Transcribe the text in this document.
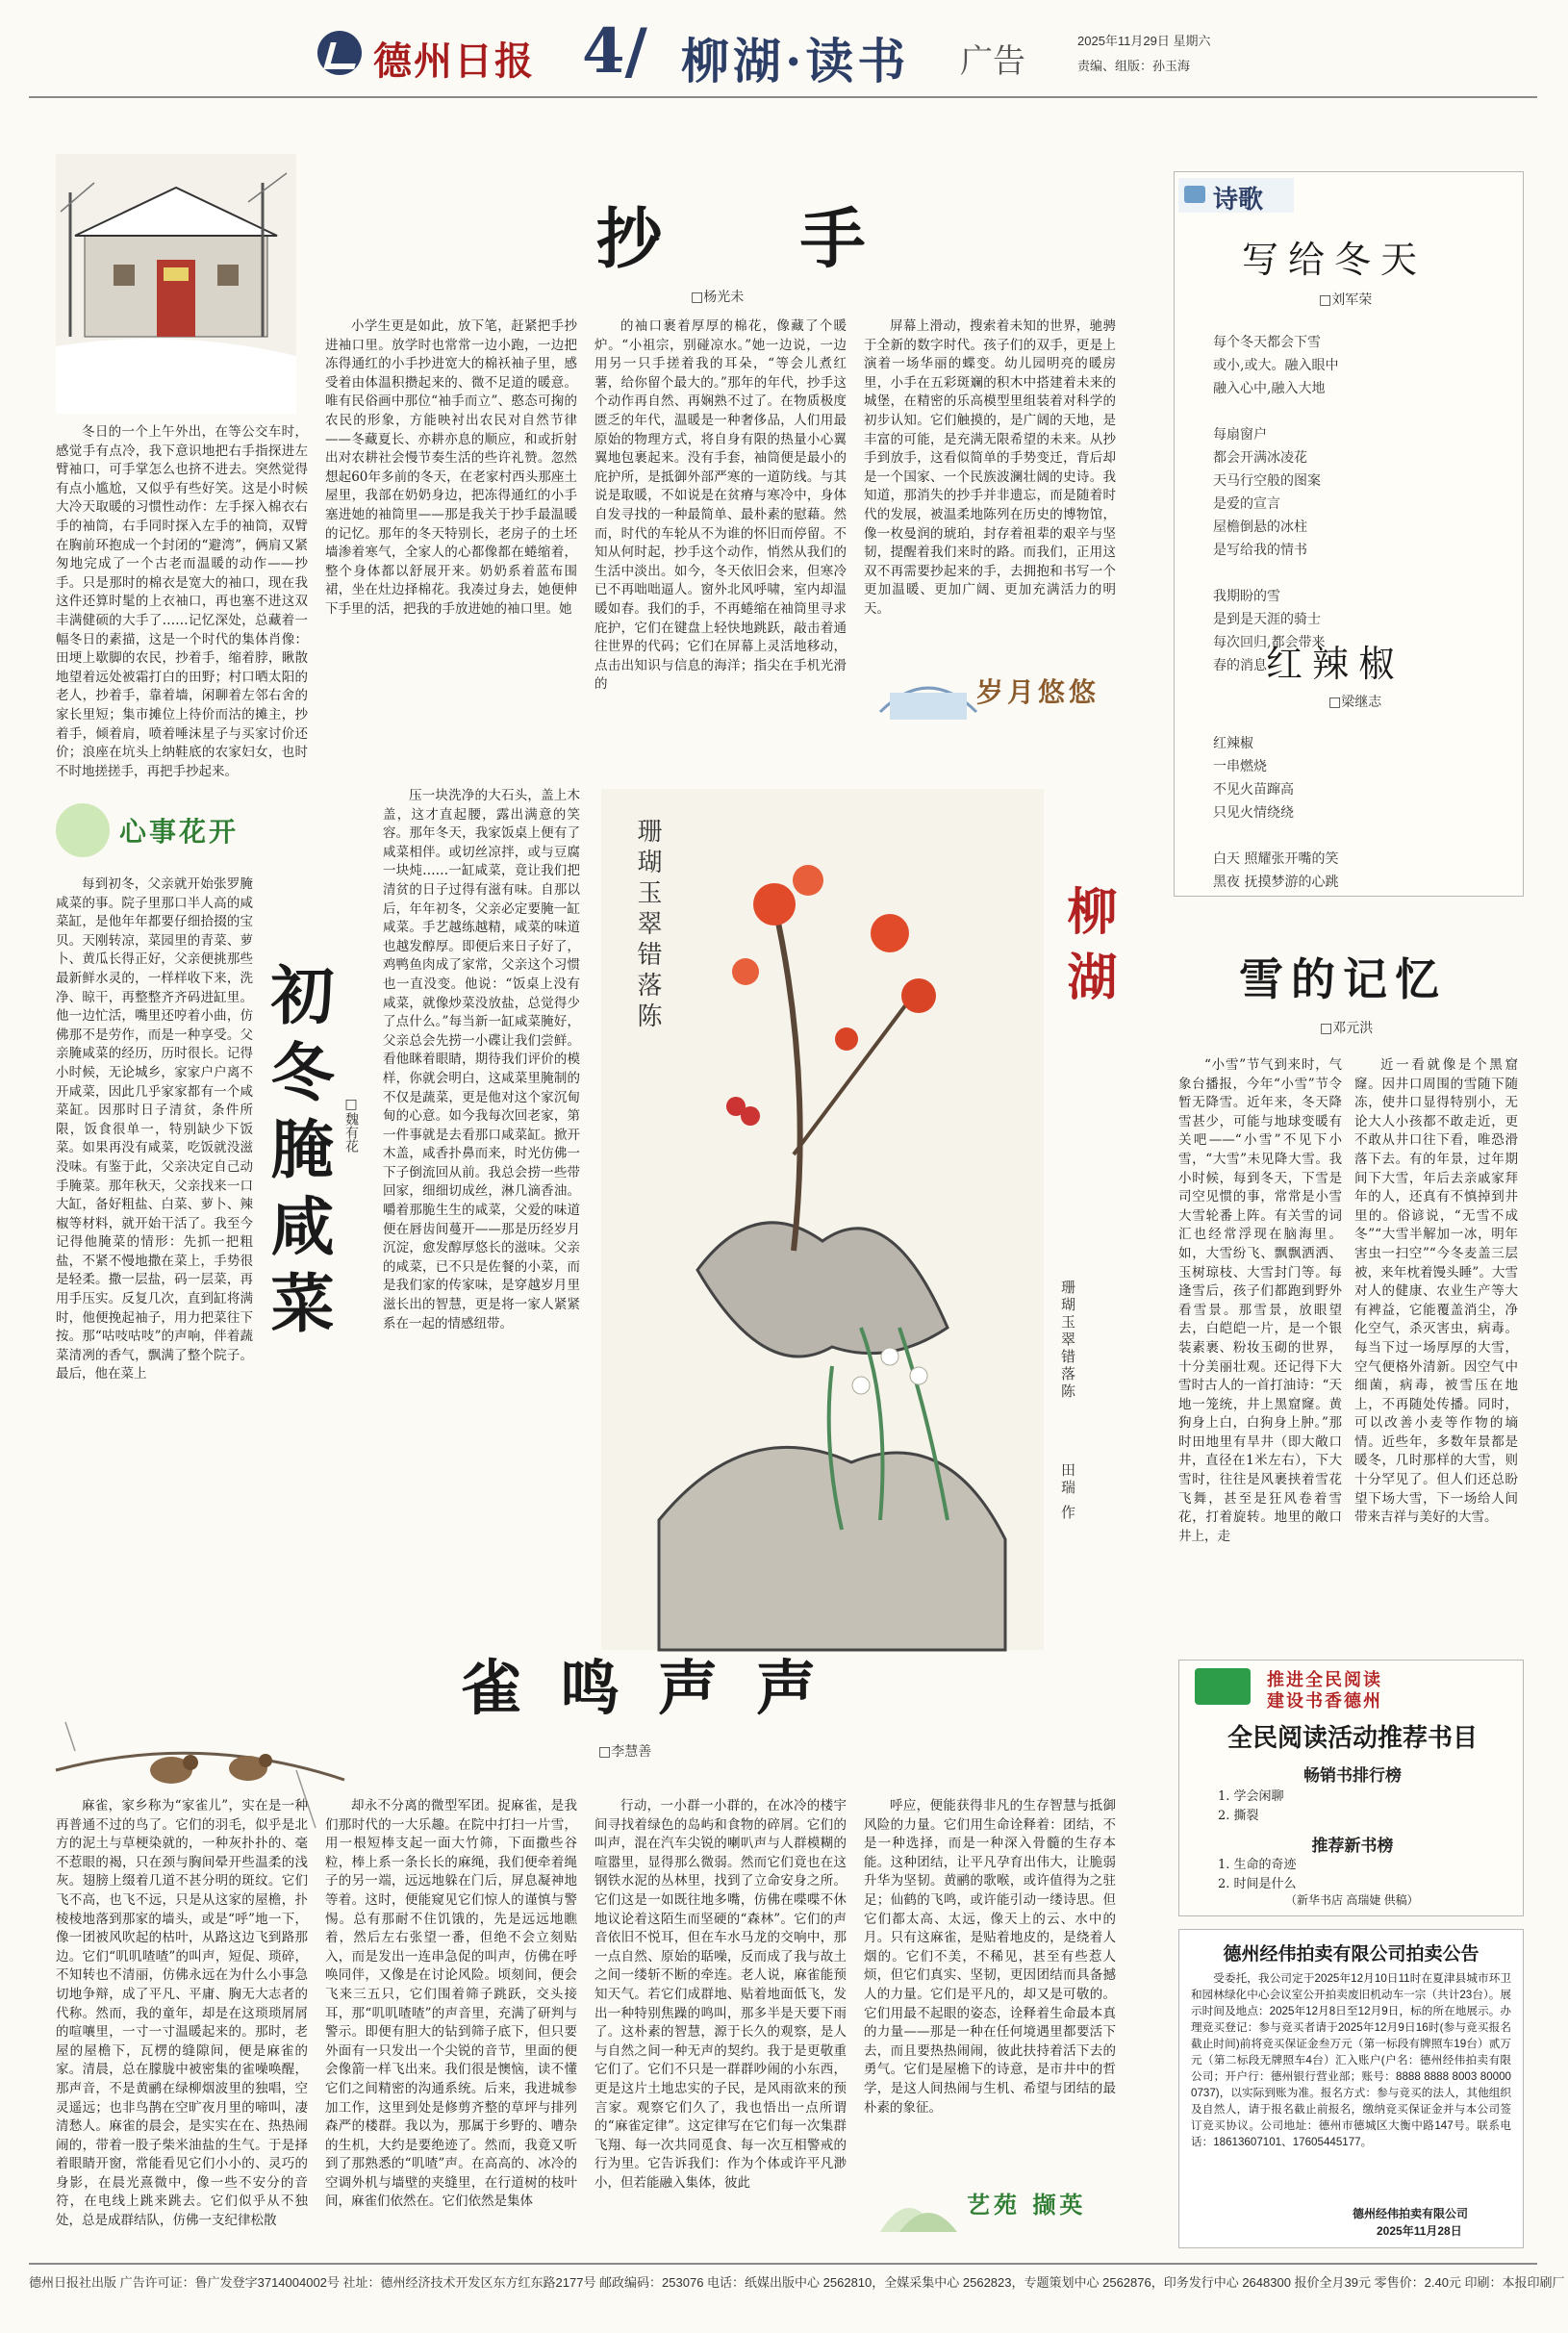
德州日报 4/ 柳湖·读书 广告
2025年11月29日 星期六
责编、组版：孙玉海
抄 手
□杨光未

冬日的一个上午外出，在等公交车时，感觉手有点冷，我下意识地把右手指探进左臂袖口，可手掌怎么也挤不进去。突然觉得有点小尴尬，又似乎有些好笑。这是小时候大冷天取暖的习惯性动作：左手探入棉衣右手的袖筒，右手同时探入左手的袖筒，双臂在胸前环抱成一个封闭的“避湾”，俩肩又紧匆地完成了一个古老而温暖的动作——抄手。只是那时的棉衣是宽大的袖口，现在我这件还算时髦的上衣袖口，再也塞不进这双丰满健硕的大手了……记忆深处，总藏着一幅冬日的素描，这是一个时代的集体肖像：田埂上歇脚的农民，抄着手，缩着脖，瞅散地望着远处被霜打白的田野；村口晒太阳的老人，抄着手，靠着墙，闲聊着左邻右舍的家长里短；集市摊位上待价而沽的摊主，抄着手，倾着肩，喷着唾沫星子与买家讨价还价；浪座在坑头上纳鞋底的农家妇女，也时不时地搓搓手，再把手抄起来。

小学生更是如此，放下笔，赶紧把手抄进袖口里。放学时也常常一边小跑，一边把冻得通红的小手抄进宽大的棉袄袖子里，感受着由体温积攒起来的、微不足道的暖意。唯有民俗画中那位“袖手而立”、憨态可掬的农民的形象，方能映衬出农民对自然节律——冬藏夏长、亦耕亦息的顺应，和或折射出对农耕社会慢节奏生活的些许礼赞。忽然想起60年多前的冬天，在老家村西头那座土屋里，我部在奶奶身边，把冻得通红的小手塞进她的袖筒里——那是我关于抄手最温暖的记忆。那年的冬天特别长，老房子的土坯墙渗着寒气，全家人的心都像都在蜷缩着，整个身体都以舒展开来。奶奶系着蓝布围裙，坐在灶边择棉花。我凑过身去，她便伸下手里的活，把我的手放进她的袖口里。她

的袖口裹着厚厚的棉花，像藏了个暖炉。“小祖宗，别碰凉水。”她一边说，一边用另一只手搓着我的耳朵，“等会儿煮红薯，给你留个最大的。”那年的年代，抄手这个动作再自然、再娴熟不过了。在物质极度匮乏的年代，温暖是一种奢侈品，人们用最原始的物理方式，将自身有限的热量小心翼翼地包裹起来。没有手套，袖筒便是最小的庇护所，是抵御外部严寒的一道防线。与其说是取暖，不如说是在贫瘠与寒冷中，身体自发寻找的一种最简单、最朴素的慰藉。然而，时代的车轮从不为谁的怀旧而停留。不知从何时起，抄手这个动作，悄然从我们的生活中淡出。如今，冬天依旧会来，但寒冷已不再咄咄逼人。窗外北风呼啸，室内却温暖如春。我们的手，不再蜷缩在袖筒里寻求庇护，它们在键盘上轻快地跳跃，敲击着通往世界的代码；它们在屏幕上灵活地移动，点击出知识与信息的海洋；指尖在手机光滑的

屏幕上滑动，搜索着未知的世界，驰骋于全新的数字时代。孩子们的双手，更是上演着一场华丽的蝶变。幼儿园明亮的暖房里，小手在五彩斑斓的积木中搭建着未来的城堡，在精密的乐高模型里组装着对科学的初步认知。它们触摸的，是广阔的天地，是丰富的可能，是充满无限希望的未来。从抄手到放手，这看似简单的手势变迁，背后却是一个国家、一个民族波澜壮阔的史诗。我知道，那消失的抄手并非遗忘，而是随着时代的发展，被温柔地陈列在历史的博物馆，像一枚曼润的琥珀，封存着祖辈的艰辛与坚韧，提醒着我们来时的路。而我们，正用这双不再需要抄起来的手，去拥抱和书写一个更加温暖、更加广阔、更加充满活力的明天。

岁月悠悠
诗歌
写给冬天
□刘军荣
每个冬天都会下雪
或小,或大。融入眼中
融入心中,融入大地

每扇窗户
都会开满冰凌花
天马行空般的图案
是爱的宣言
屋檐倒悬的冰柱
是写给我的情书

我期盼的雪
是到是天涯的骑士
每次回归,都会带来
春的消息 红辣椒
□梁继志
红辣椒
一串燃烧
不见火苗蹿高
只见火情绕绕

白天 照耀张开嘴的笑
黑夜 抚摸梦游的心跳
心事花开

每到初冬，父亲就开始张罗腌咸菜的事。院子里那口半人高的咸菜缸，是他年年都要仔细拾掇的宝贝。天刚转凉，菜园里的青菜、萝卜、黄瓜长得正好，父亲便挑那些最新鲜水灵的，一样样收下来，洗净、晾干，再整整齐齐码进缸里。他一边忙活，嘴里还哼着小曲，仿佛那不是劳作，而是一种享受。父亲腌咸菜的经历，历时很长。记得小时候，无论城乡，家家户户离不开咸菜，因此几乎家家都有一个咸菜缸。因那时日子清贫，条件所限，饭食很单一，特别缺少下饭菜。如果再没有咸菜，吃饭就没滋没味。有鉴于此，父亲决定自己动手腌菜。那年秋天，父亲找来一口大缸，备好粗盐、白菜、萝卜、辣椒等材料，就开始干活了。我至今记得他腌菜的情形：先抓一把粗盐，不紧不慢地撒在菜上，手势很是轻柔。撒一层盐，码一层菜，再用手压实。反复几次，直到缸将满时，他便挽起袖子，用力把菜往下按。那“咕吱咕吱”的声响，伴着蔬菜清冽的香气，飘满了整个院子。最后，他在菜上

初冬腌咸菜 □魏有花

压一块洗净的大石头，盖上木盖，这才直起腰，露出满意的笑容。那年冬天，我家饭桌上便有了咸菜相伴。或切丝凉拌，或与豆腐一块炖……一缸咸菜，竟让我们把清贫的日子过得有滋有味。自那以后，年年初冬，父亲必定要腌一缸咸菜。手艺越练越精，咸菜的味道也越发醇厚。即便后来日子好了，鸡鸭鱼肉成了家常，父亲这个习惯也一直没变。他说：“饭桌上没有咸菜，就像炒菜没放盐，总觉得少了点什么。”每当新一缸咸菜腌好，父亲总会先捞一小碟让我们尝鲜。看他眯着眼睛，期待我们评价的模样，你就会明白，这咸菜里腌制的不仅是蔬菜，更是他对这个家沉甸甸的心意。如今我每次回老家，第一件事就是去看那口咸菜缸。掀开木盖，咸香扑鼻而来，时光仿佛一下子倒流回从前。我总会捞一些带回家，细细切成丝，淋几滴香油。嚼着那脆生生的咸菜，父爱的味道便在唇齿间蔓开——那是历经岁月沉淀，愈发醇厚悠长的滋味。父亲的咸菜，已不只是佐餐的小菜，而是我们家的传家味，是穿越岁月里滋长出的智慧，更是将一家人紧紧系在一起的情感纽带。

珊瑚玉翠错落陈	柳湖
珊瑚玉翠错落陈
田瑞 作
雪的记忆
□邓元洪

“小雪”节气到来时，气象台播报，今年“小雪”节令暂无降雪。近年来，冬天降雪甚少，可能与地球变暖有关吧——“小雪”不见下小雪，“大雪”未见降大雪。我小时候，每到冬天，下雪是司空见惯的事，常常是小雪大雪轮番上阵。有关雪的词汇也经常浮现在脑海里。如，大雪纷飞、飘飘洒洒、玉树琼枝、大雪封门等。每逢雪后，孩子们都跑到野外看雪景。那雪景，放眼望去，白皑皑一片，是一个银装素裹、粉妆玉砌的世界，十分美丽壮观。还记得下大雪时古人的一首打油诗：“天地一笼统，井上黑窟窿。黄狗身上白，白狗身上肿。”那时田地里有旱井（即大敞口井，直径在1米左右），下大雪时，往往是风裹挟着雪花飞舞，甚至是狂风卷着雪花，打着旋转。地里的敞口井上，走

近一看就像是个黑窟窿。因井口周围的雪随下随冻，使井口显得特别小，无论大人小孩都不敢走近，更不敢从井口往下看，唯恐滑落下去。有的年景，过年期间下大雪，年后去亲戚家拜年的人，还真有不慎掉到井里的。俗谚说，“无雪不成冬”“大雪半解加一冰，明年害虫一扫空”“今冬麦盖三层被，来年枕着馒头睡”。大雪对人的健康、农业生产等大有裨益，它能覆盖消尘，净化空气，杀灭害虫，病毒。每当下过一场厚厚的大雪，空气便格外清新。因空气中细菌，病毒，被雪压在地上，不再随处传播。同时，可以改善小麦等作物的墒情。近些年，多数年景都是暖冬，几时那样的大雪，则十分罕见了。但人们还总盼望下场大雪，下一场给人间带来吉祥与美好的大雪。

雀鸣声声
□李慧善

麻雀，家乡称为“家雀儿”，实在是一种再普通不过的鸟了。它们的羽毛，似乎是北方的泥土与草梗染就的，一种灰扑扑的、毫不惹眼的褐，只在颈与胸间晕开些温柔的浅灰。翅膀上缀着几道不甚分明的斑纹。它们飞不高，也飞不远，只是从这家的屋檐，扑棱棱地落到那家的墙头，或是“呼”地一下，像一团被风吹起的枯叶，从路这边飞到路那边。它们“叽叽喳喳”的叫声，短促、琐碎，不知转也不清丽，仿佛永远在为什么小事急切地争辩，成了平凡、平庸、胸无大志者的代称。然而，我的童年，却是在这琐琐屑屑的喧嚷里，一寸一寸温暖起来的。那时，老屋的屋檐下，瓦楞的缝隙间，便是麻雀的家。清晨，总在朦胧中被密集的雀噪唤醒，那声音，不是黄鹂在绿柳烟波里的独唱，空灵遥远；也非鸟鹊在空旷夜月里的啼叫，凄清愁人。麻雀的晨会，是实实在在、热热闹闹的，带着一股子柴米油盐的生气。于是择着眼睛开窗，常能看见它们小小的、灵巧的身影，在晨光熹微中，像一些不安分的音符，在电线上跳来跳去。它们似乎从不独处，总是成群结队，仿佛一支纪律松散

却永不分离的微型军团。捉麻雀，是我们那时代的一大乐趣。在院中打扫一片雪，用一根短棒支起一面大竹筛，下面撒些谷粒，棒上系一条长长的麻绳，我们便牵着绳子的另一端，远远地躲在门后，屏息凝神地等着。这时，便能窥见它们惊人的谨慎与警惕。总有那耐不住饥饿的，先是远远地瞧着，然后左右张望一番，但绝不会立刻贴入，而是发出一连串急促的叫声，仿佛在呼唤同伴，又像是在讨论风险。顷刻间，便会飞来三五只，它们围着筛子跳跃，交头接耳，那“叽叽喳喳”的声音里，充满了研判与警示。即便有胆大的钻到筛子底下，但只要外面有一只发出一个尖锐的音节，里面的便会像箭一样飞出来。我们很是懊恼，读不懂它们之间精密的沟通系统。后来，我进城参加工作，这里到处是修剪齐整的草坪与排列森严的楼群。我以为，那属于乡野的、嘈杂的生机，大约是要绝迹了。然而，我竟又听到了那熟悉的“叽喳”声。在高高的、冰冷的空调外机与墙壁的夹缝里，在行道树的枝叶间，麻雀们依然在。它们依然是集体

行动，一小群一小群的，在冰冷的楼宇间寻找着绿色的岛屿和食物的碎屑。它们的叫声，混在汽车尖锐的喇叭声与人群模糊的喧嚣里，显得那么微弱。然而它们竟也在这钢铁水泥的丛林里，找到了立命安身之所。它们这是一如既往地多嘴，仿佛在喋喋不休地议论着这陌生而坚硬的“森林”。它们的声音依旧不悦耳，但在车水马龙的交响中，那一点自然、原始的聒噪，反而成了我与故土之间一缕斩不断的牵连。老人说，麻雀能预知天气。若它们成群地、贴着地面低飞，发出一种特别焦躁的鸣叫，那多半是天要下雨了。这朴素的智慧，源于长久的观察，是人与自然之间一种无声的契约。我于是更敬重它们了。它们不只是一群群吵闹的小东西，更是这片土地忠实的子民，是风雨欲来的预言家。观察它们久了，我也悟出一点所谓的“麻雀定律”。这定律写在它们每一次集群飞翔、每一次共同觅食、每一次互相警戒的行为里。它告诉我们：作为个体或许平凡渺小，但若能融入集体，彼此

呼应，便能获得非凡的生存智慧与抵御风险的力量。它们用生命诠释着：团结，不是一种选择，而是一种深入骨髓的生存本能。这种团结，让平凡孕育出伟大，让脆弱升华为坚韧。黄鹂的歌喉，或许值得为之驻足；仙鹤的飞鸣，或许能引动一缕诗思。但它们都太高、太远，像天上的云、水中的月。只有这麻雀，是贴着地皮的，是绕着人烟的。它们不美，不稀见，甚至有些惹人烦，但它们真实、坚韧，更因团结而具备撼人的力量。它们是平凡的，却又是可敬的。它们用最不起眼的姿态，诠释着生命最本真的力量——那是一种在任何境遇里都要活下去，而且要热热闹闹，彼此扶持着活下去的勇气。它们是屋檐下的诗意，是市井中的哲学，是这人间热闹与生机、希望与团结的最朴素的象征。

艺苑 撷英
推进全民阅读
建设书香德州
全民阅读活动推荐书目
畅销书排行榜
1. 学会闲聊
2. 撕裂
推荐新书榜
1. 生命的奇迹
2. 时间是什么
（新华书店 高瑞婕 供稿）
德州经伟拍卖有限公司拍卖公告
受委托，我公司定于2025年12月10日11时在夏津县城市环卫和园林绿化中心会议室公开拍卖废旧机动车一宗（共计23台）。展示时间及地点：2025年12月8日至12月9日，标的所在地展示。办理竞买登记：参与竞买者请于2025年12月9日16时(参与竞买报名截止时间)前将竞买保证金叁万元（第一标段有牌照车19台）贰万元（第二标段无牌照车4台）汇入账户(户名：德州经伟拍卖有限公司；开户行：德州银行营业部；账号：8888 8888 8003 80000 0737)，以实际到账为准。报名方式：参与竞买的法人，其他组织及自然人，请于报名截止前报名，缴纳竞买保证金并与本公司签订竞买协议。公司地址：德州市德城区大衡中路147号。联系电话：18613607101、17605445177。
德州经伟拍卖有限公司
2025年11月28日
德州日报社出版 广告许可证：鲁广发登字3714004002号 社址：德州经济技术开发区东方红东路2177号 邮政编码：253076 电话：纸媒出版中心 2562810，全媒采集中心 2562823，专题策划中心 2562876，印务发行中心 2648300 报价全月39元 零售价：2.40元 印刷：本报印刷厂
